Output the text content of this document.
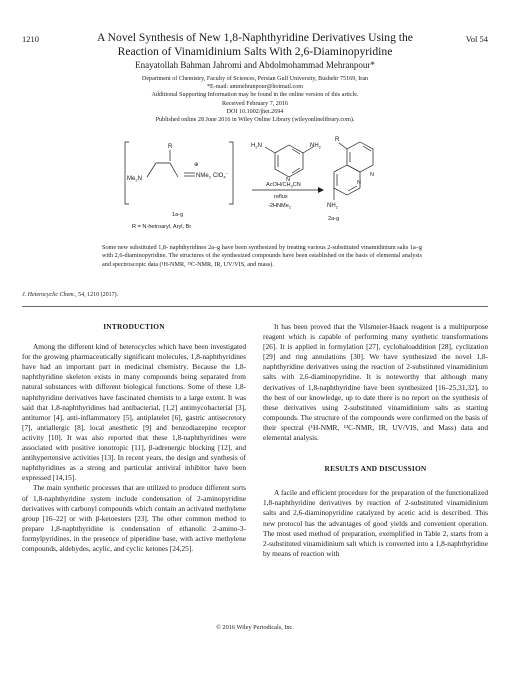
1210	Vol 54
A Novel Synthesis of New 1,8-Naphthyridine Derivatives Using the
Reaction of Vinamidinium Salts With 2,6-Diaminopyridine
Enayatollah Bahman Jahromi and Abdolmohammad Mehranpour*
Department of Chemistry, Faculty of Sciences, Persian Gulf University, Bushehr 75169, Iran
*E-mail: ammehranpour@hotmail.com
Additional Supporting Information may be found in the online version of this article.
Received February 7, 2016
DOI 10.1002/jhet.2694
Published online 28 June 2016 in Wiley Online Library (wileyonlinelibrary.com).
R
$Me_2N$	NMe$_2$
⊕
ClO$_4$−
$H_2N$	$NH_2$
N
AcOH/$CH_3CN$
reflux
-2HNMe$_2$
1a-g
R = N-hetroaryl, Aryl, Br
R
N
N
$NH_2$
2a-g
Some new substituted 1,8- naphthyridines 2a–g have been synthesized by treating various 2-substituted vinamidinium salts 1a–g with 2,6-diaminopyridine. The structures of the synthesized compounds have been established on the basis of elemental analysis and spectroscopic data (¹H-NMR, ¹³C-NMR, IR, UV/VIS, and mass).
J. Heterocyclic Chem., 54, 1210 (2017).
INTRODUCTION

Among the different kind of heterocycles which have been investigated for the growing pharmaceutically significant molecules, 1,8-naphthyridines have had an important part in medicinal chemistry. Because the 1,8-naphthyridine skeleton exists in many compounds being separated from natural substances with different biological functions. Some of these 1,8-naphthyridine derivatives have fascinated chemists to a large extent. It was said that 1,8-naphthyridines had antibacterial, [1,2] antimycobacterial [3], antitumor [4], anti-inflammatory [5], antiplatelet [6], gastric antisecretory [7], antiallergic [8], local anesthetic [9] and benzodiazepine receptor activity [10]. It was also reported that these 1,8-naphthyridines were associated with positive ionotropic [11], β-adrenergic blocking [12], and antihypertensive activities [13]. In recent years, the design and synthesis of naphthyridines as a strong and particular antiviral inhibitor have been expressed [14,15].

The main synthetic processes that are utilized to produce different sorts of 1,8-naphthyridine system include condensation of 2-aminopyridine derivatives with carbonyl compounds which contain an activated methylene group [16–22] or with β-ketoesters [23]. The other common method to prepare 1,8-naphthyridine is condensation of ethanolic 2-amino-3-formylpyridines, in the presence of piperidine base, with active methylene compounds, aldehydes, acylic, and cyclic ketones [24,25].

It has been proved that the Vilsmeier-Haack reagent is a multipurpose reagent which is capable of performing many synthetic transformations [26]. It is applied in formylation [27], cyclohaloaddition [28], cyclization [29] and ring annulations [30]. We have synthesized the novel 1,8-naphthyridine derivatives using the reaction of 2-substituted vinamidinium salts with 2,6-diaminopyridine. It is noteworthy that although many derivatives of 1,8-naphthyridine have been synthesized [16–25,31,32], to the best of our knowledge, up to date there is no report on the synthesis of these derivatives using 2-substituted vinamidinium salts as starting compounds. The structure of the compounds were confirmed on the basis of their spectral (¹H-NMR, ¹³C-NMR, IR, UV/VIS, and Mass) data and elemental analysis.

RESULTS AND DISCUSSION

A facile and efficient procedure for the preparation of the functionalized 1,8-naphthyridine derivatives by reaction of 2-substituted vinamidinium salts and 2,6-diaminopyridine catalyzed by acetic acid is described. This new protocol has the advantages of good yields and convenient operation. The most used method of preparation, exemplified in Table 2, starts from a 2-substituted vinamidinium salt which is converted into a 1,8-naphthyridine by means of reaction with

© 2016 Wiley Periodicals, Inc.
